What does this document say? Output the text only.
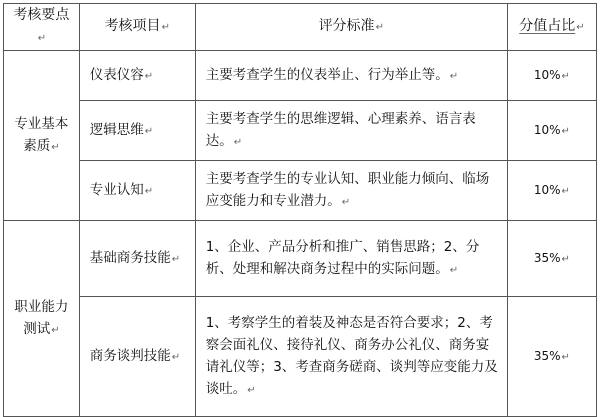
考核要点↵	考核项目↵	评分标准↵	分值占比↵
专业基本素质↵	仪表仪容↵	主要考查学生的仪表举止、行为举止等。↵	10%↵
	逻辑思维↵	主要考查学生的思维逻辑、心理素养、语言表达。↵	10%↵
	专业认知↵	主要考查学生的专业认知、职业能力倾向、临场应变能力和专业潜力。↵	10%↵
职业能力测试↵	基础商务技能↵	1、企业、产品分析和推广、销售思路；2、分析、处理和解决商务过程中的实际问题。↵	35%↵
	商务谈判技能↵	1、考察学生的着装及神态是否符合要求；2、考察会面礼仪、接待礼仪、商务办公礼仪、商务宴请礼仪等；3、考查商务磋商、谈判等应变能力及谈吐。↵	35%↵
